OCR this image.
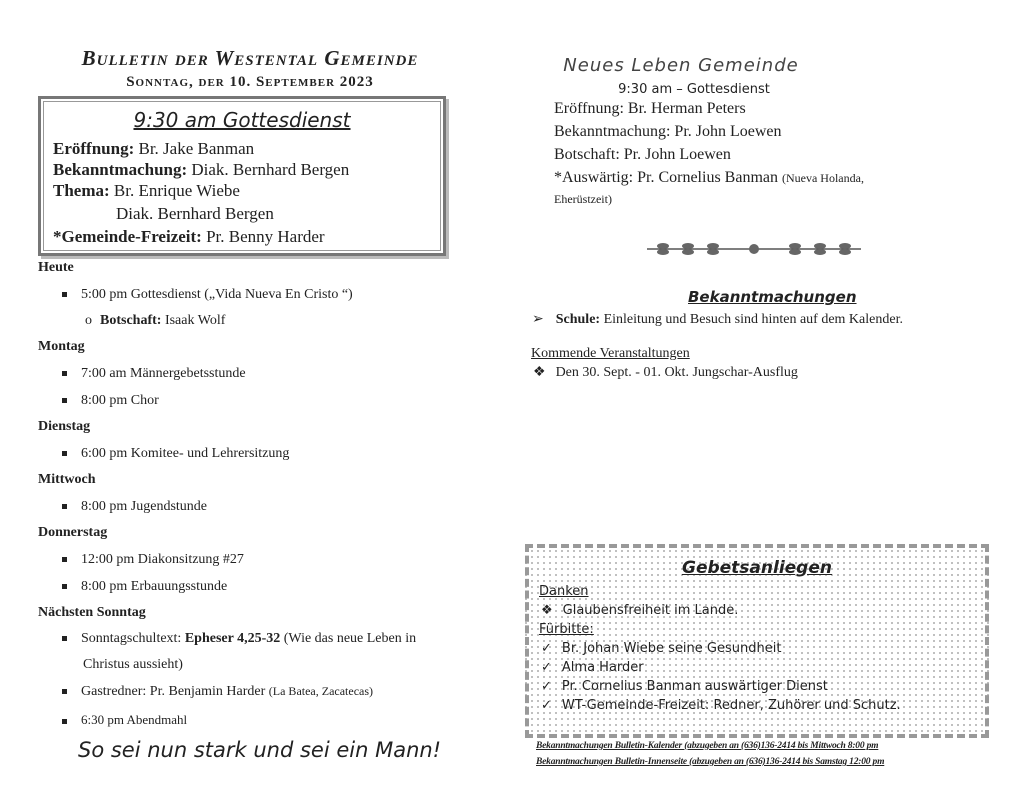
Bulletin der Westental Gemeinde
Sonntag, der 10. September 2023
9:30 am Gottesdienst
Eröffnung: Br. Jake Banman
Bekanntmachung: Diak. Bernhard Bergen
Thema: Br. Enrique Wiebe
Diak. Bernhard Bergen
*Gemeinde-Freizeit: Pr. Benny Harder
Heute
5:00 pm Gottesdienst („Vida Nueva En Cristo “)
o Botschaft: Isaak Wolf
Montag
7:00 am Männergebetsstunde
8:00 pm Chor
Dienstag
6:00 pm Komitee- und Lehrersitzung
Mittwoch
8:00 pm Jugendstunde
Donnerstag
12:00 pm Diakonsitzung #27
8:00 pm Erbauungsstunde
Nächsten Sonntag
Sonntagschultext: Epheser 4,25-32 (Wie das neue Leben in
Christus aussieht)
Gastredner: Pr. Benjamin Harder (La Batea, Zacatecas)
6:30 pm Abendmahl
So sei nun stark und sei ein Mann!
Neues Leben Gemeinde
9:30 am – Gottesdienst
Eröffnung: Br. Herman Peters
Bekanntmachung: Pr. John Loewen
Botschaft: Pr. John Loewen
*Auswärtig: Pr. Cornelius Banman (Nueva Holanda,
Eherüstzeit)
Bekanntmachungen
➢ Schule: Einleitung und Besuch sind hinten auf dem Kalender.
Kommende Veranstaltungen
❖ Den 30. Sept. - 01. Okt. Jungschar-Ausflug
Gebetsanliegen
Danken
❖ Glaubensfreiheit im Lande.
Fürbitte:
✓ Br. Johan Wiebe seine Gesundheit
✓ Alma Harder
✓ Pr. Cornelius Banman auswärtiger Dienst
✓ WT-Gemeinde-Freizeit: Redner, Zuhörer und Schutz.
Bekanntmachungen Bulletin-Kalender (abzugeben an (636)136-2414 bis Mittwoch 8:00 pm
Bekanntmachungen Bulletin-Innenseite (abzugeben an (636)136-2414 bis Samstag 12:00 pm
